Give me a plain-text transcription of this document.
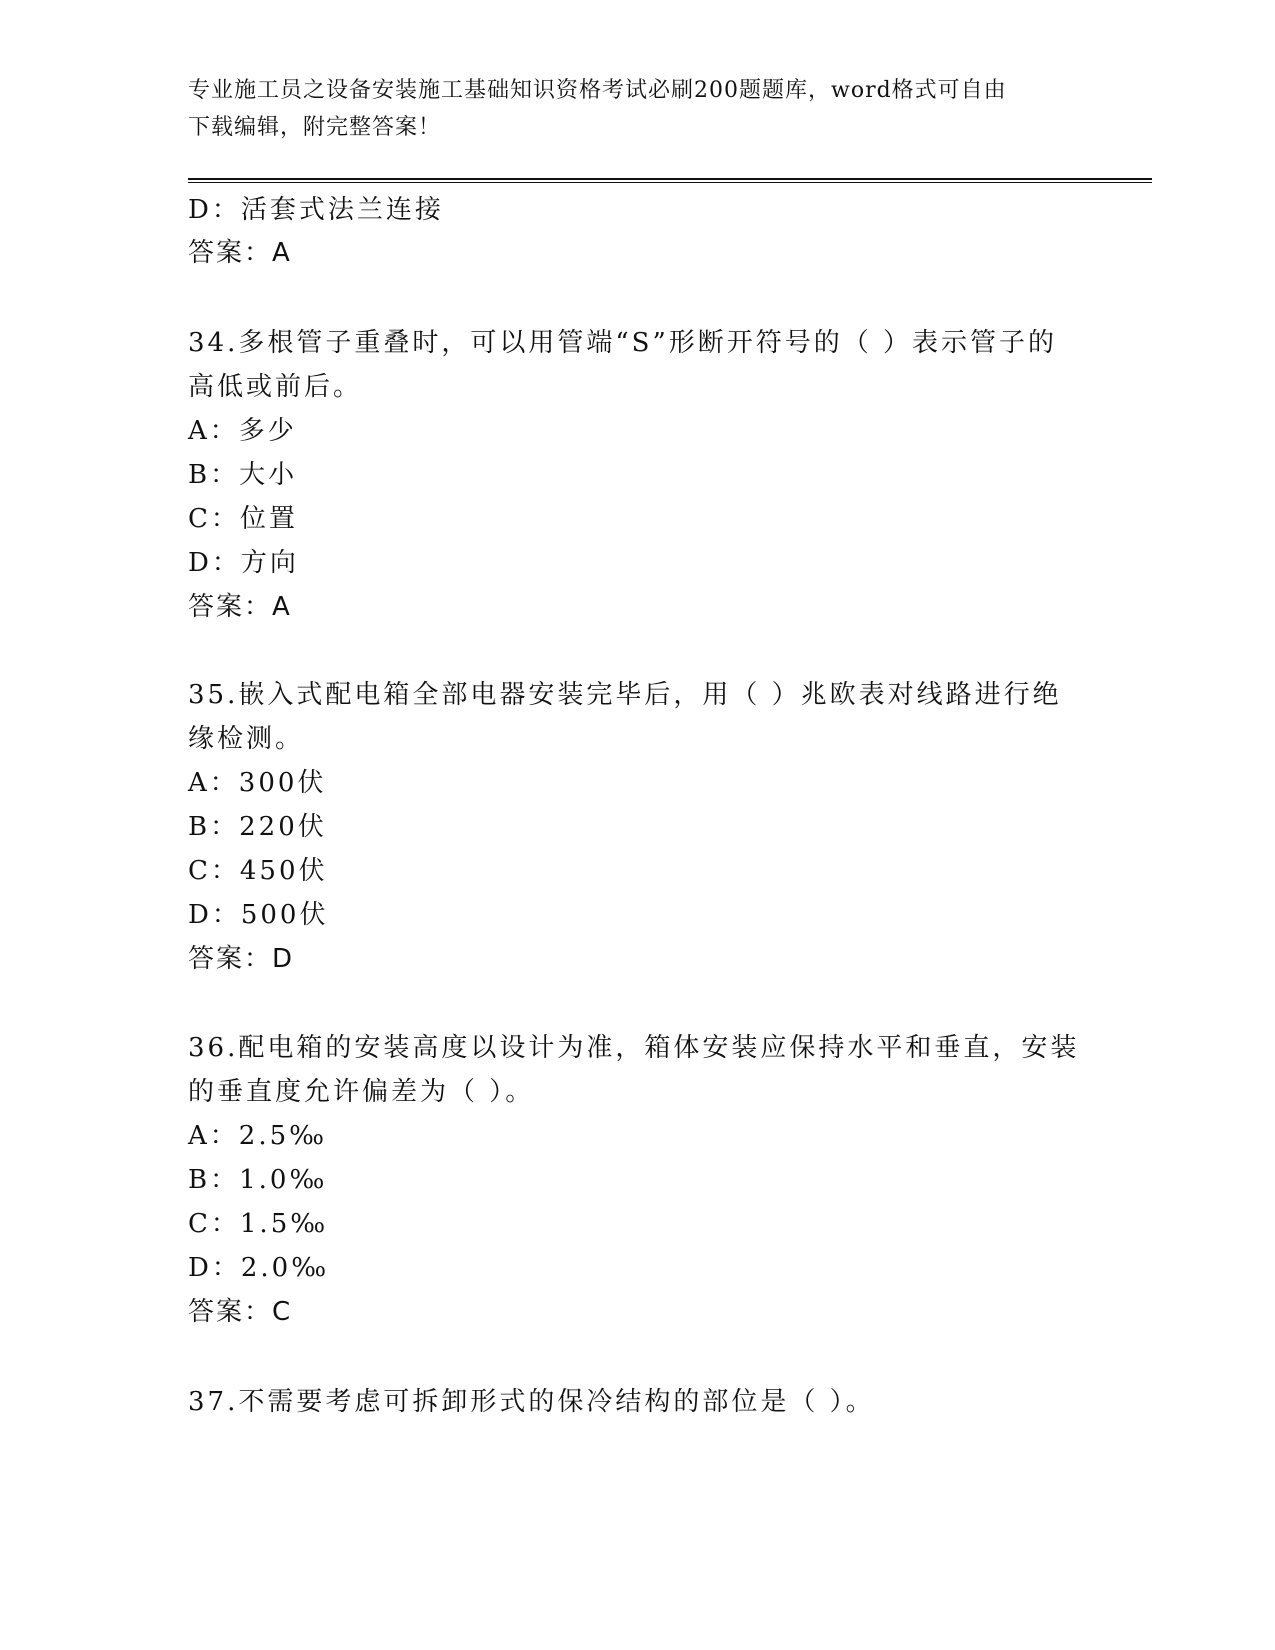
专业施工员之设备安装施工基础知识资格考试必刷200题题库，word格式可自由
下载编辑，附完整答案！
D：活套式法兰连接
答案：A
34.多根管子重叠时，可以用管端“S”形断开符号的（ ）表示管子的
高低或前后。
A：多少
B：大小
C：位置
D：方向
答案：A
35.嵌入式配电箱全部电器安装完毕后，用（ ）兆欧表对线路进行绝
缘检测。
A：300伏
B：220伏
C：450伏
D：500伏
答案：D
36.配电箱的安装高度以设计为准，箱体安装应保持水平和垂直，安装
的垂直度允许偏差为（ ）。
A：2.5‰
B：1.0‰
C：1.5‰
D：2.0‰
答案：C
37.不需要考虑可拆卸形式的保冷结构的部位是（ ）。
